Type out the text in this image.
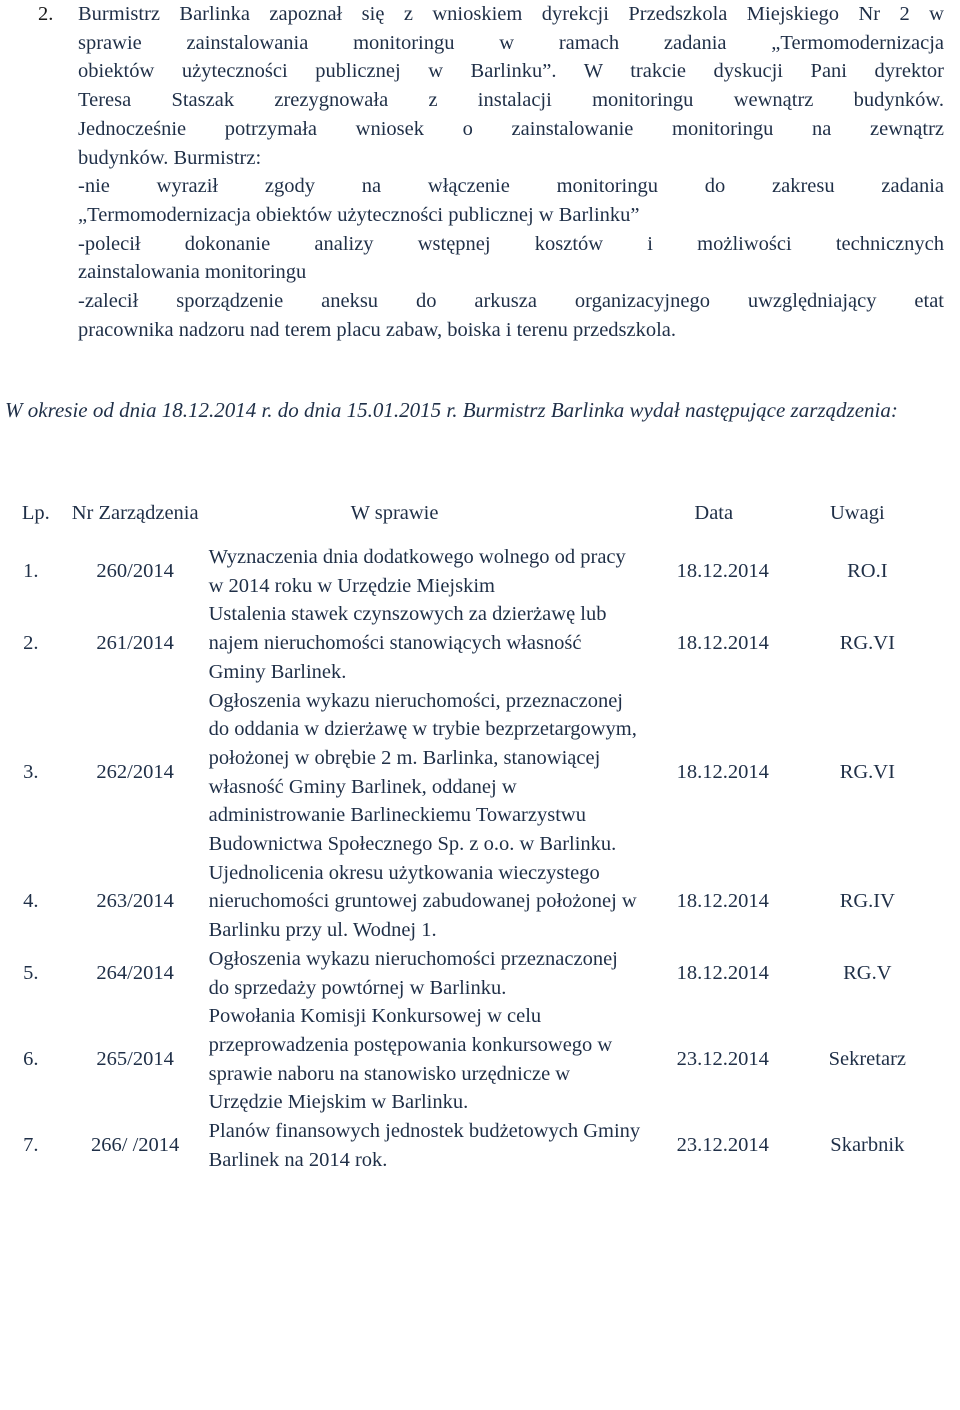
2. Burmistrz Barlinka zapoznał się z wnioskiem dyrekcji Przedszkola Miejskiego Nr 2 w
sprawie zainstalowania monitoringu w ramach zadania „Termomodernizacja
obiektów użyteczności publicznej w Barlinku”. W trakcie dyskucji Pani dyrektor
Teresa Staszak zrezygnowała z instalacji monitoringu wewnątrz budynków.
Jednocześnie potrzymała wniosek o zainstalowanie monitoringu na zewnątrz
budynków. Burmistrz:
-nie wyraził zgody na włączenie monitoringu do zakresu zadania
„Termomodernizacja obiektów użyteczności publicznej w Barlinku”
-polecił dokonanie analizy wstępnej kosztów i możliwości technicznych
zainstalowania monitoringu
-zalecił sporządzenie aneksu do arkusza organizacyjnego uwzględniający etat
pracownika nadzoru nad terem placu zabaw, boiska i terenu przedszkola.
W okresie od dnia 18.12.2014 r. do dnia 15.01.2015 r. Burmistrz Barlinka wydał następujące zarządzenia:
Lp.	Nr Zarządzenia	W sprawie	Data	Uwagi
1.	260/2014	Wyznaczenia dnia dodatkowego wolnego od pracy w 2014 roku w Urzędzie Miejskim	18.12.2014	RO.I
2.	261/2014	Ustalenia stawek czynszowych za dzierżawę lub najem nieruchomości stanowiących własność Gminy Barlinek.	18.12.2014	RG.VI
3.	262/2014	Ogłoszenia wykazu nieruchomości, przeznaczonej do oddania w dzierżawę w trybie bezprzetargowym, położonej w obrębie 2 m. Barlinka, stanowiącej własność Gminy Barlinek, oddanej w administrowanie Barlineckiemu Towarzystwu Budownictwa Społecznego Sp. z o.o. w Barlinku.	18.12.2014	RG.VI
4.	263/2014	Ujednolicenia okresu użytkowania wieczystego nieruchomości gruntowej zabudowanej położonej w Barlinku przy ul. Wodnej 1.	18.12.2014	RG.IV
5.	264/2014	Ogłoszenia wykazu nieruchomości przeznaczonej do sprzedaży powtórnej w Barlinku.	18.12.2014	RG.V
6.	265/2014	Powołania Komisji Konkursowej w celu przeprowadzenia postępowania konkursowego w sprawie naboru na stanowisko urzędnicze w Urzędzie Miejskim w Barlinku.	23.12.2014	Sekretarz
7.	266/ /2014	Planów finansowych jednostek budżetowych Gminy Barlinek na 2014 rok.	23.12.2014	Skarbnik
